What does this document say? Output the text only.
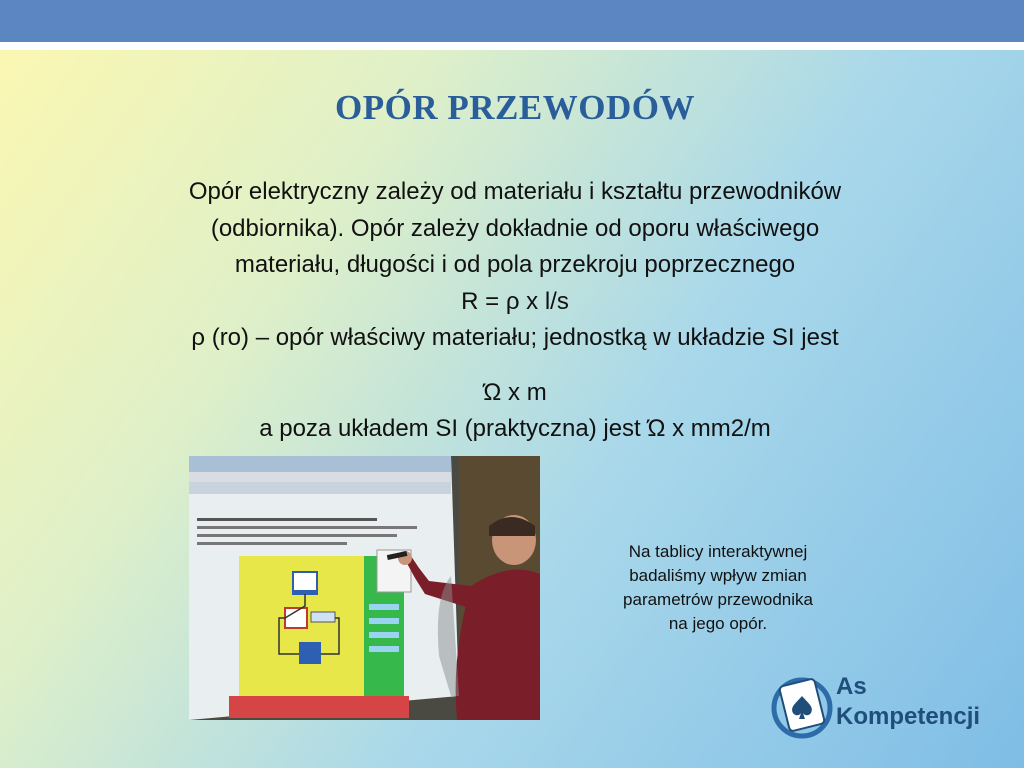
OPÓR PRZEWODÓW
Opór elektryczny zależy od materiału i kształtu przewodników
(odbiornika). Opór zależy dokładnie od oporu właściwego
materiału, długości i od pola przekroju poprzecznego
R = ρ x l/s
ρ (ro) – opór właściwy materiału; jednostką w układzie SI jest
Ώ x m
a poza układem SI (praktyczna) jest Ώ x mm2/m
Na tablicy interaktywnej
badaliśmy wpływ zmian
parametrów przewodnika
na jego opór.
As
Kompetencji
